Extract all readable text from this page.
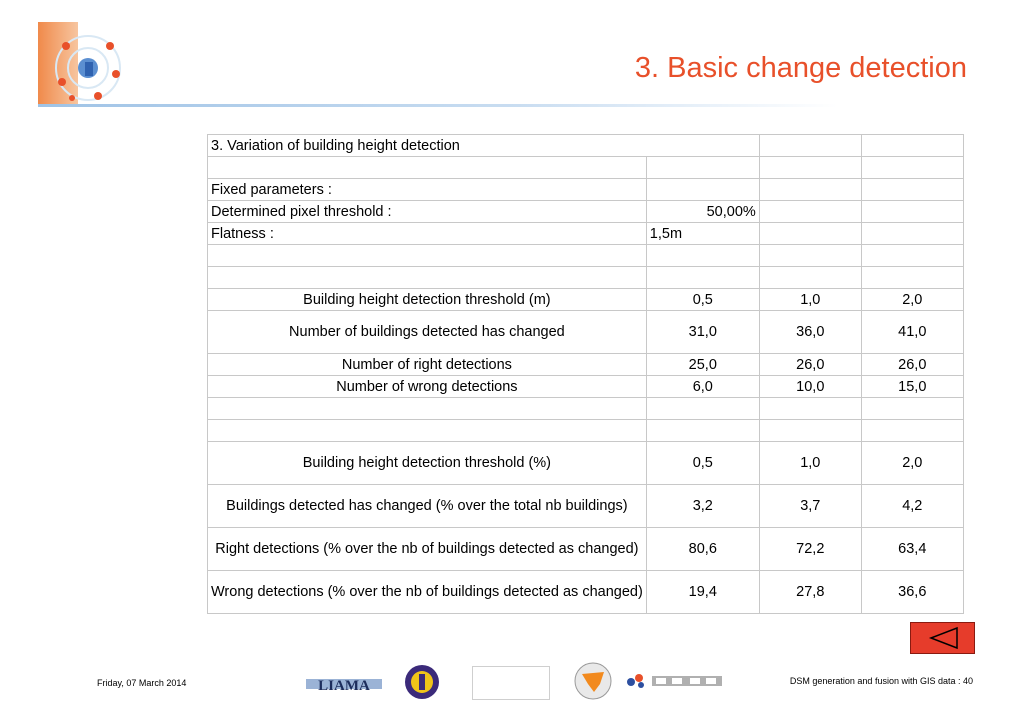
3. Basic change detection
3. Variation of building height detection			

Fixed parameters :			
Determined pixel threshold :	50,00%		
Flatness :	1,5m		

Building height detection threshold (m)	0,5	1,0	2,0
Number of buildings detected has changed	31,0	36,0	41,0
Number of right detections	25,0	26,0	26,0
Number of wrong detections	6,0	10,0	15,0

Building height detection threshold (%)	0,5	1,0	2,0
Buildings detected has changed (% over the total nb buildings)	3,2	3,7	4,2
Right detections (% over the nb of buildings detected as changed)	80,6	72,2	63,4
Wrong detections (% over the nb of buildings detected as changed)	19,4	27,8	36,6
Friday, 07 March 2014	LIAMA	DSM generation and fusion with GIS data : 40
